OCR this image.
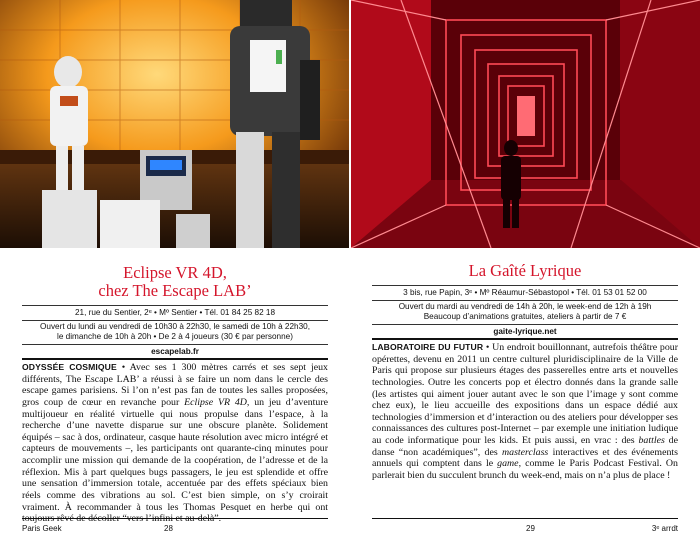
Eclipse VR 4D,
chez The Escape LAB’
21, rue du Sentier, 2ᵉ • Mº Sentier • Tél. 01 84 25 82 18
Ouvert du lundi au vendredi de 10h30 à 22h30, le samedi de 10h à 22h30,
le dimanche de 10h à 20h • De 2 à 4 joueurs (30 € par personne)
escapelab.fr
ODYSSÉE COSMIQUE • Avec ses 1 300 mètres carrés et ses sept jeux différents, The Escape LAB’ a réussi à se faire un nom dans le cercle des escape games parisiens. Si l’on n’est pas fan de toutes les salles proposées, gros coup de cœur en revanche pour Eclipse VR 4D, un jeu d’aventure multijoueur en réalité virtuelle qui nous propulse dans l’espace, à la recherche d’une navette disparue sur une obscure planète. Solidement équipés – sac à dos, ordinateur, casque haute résolution avec micro intégré et capteurs de mouvements –, les participants ont quarante-cinq minutes pour accomplir une mission qui demande de la coopération, de l’adresse et de la réflexion. Mis à part quelques bugs passagers, le jeu est splendide et offre une sensation d’immersion totale, accentuée par des effets spéciaux bien réels comme des vibrations au sol. C’est bien simple, on s’y croirait vraiment. À recommander à tous les Thomas Pesquet en herbe qui ont toujours rêvé de décoller “vers l’infini et au-delà”.
La Gaîté Lyrique
3 bis, rue Papin, 3ᵉ • Mº Réaumur-Sébastopol • Tél. 01 53 01 52 00
Ouvert du mardi au vendredi de 14h à 20h, le week-end de 12h à 19h
Beaucoup d’animations gratuites, ateliers à partir de 7 €
gaite-lyrique.net
LABORATOIRE DU FUTUR • Un endroit bouillonnant, autrefois théâtre pour opérettes, devenu en 2011 un centre culturel pluridisciplinaire de la Ville de Paris qui propose sur plusieurs étages des passerelles entre arts et nouvelles technologies. Outre les concerts pop et électro donnés dans la grande salle (les artistes qui aiment jouer autant avec le son que l’image y sont comme chez eux), le lieu accueille des expositions dans un espace dédié aux technologies d’immersion et d’interaction ou des ateliers pour développer ses connaissances des cultures post-Internet – par exemple une initiation ludique au code informatique pour les kids. Et puis aussi, en vrac : des battles de danse “non académiques”, des masterclass interactives et des événements annuels qui comptent dans le game, comme le Paris Podcast Festival. On parlerait bien du succulent brunch du week-end, mais on n’a plus de place !
Paris Geek	28	29	3ᵉ arrdt
